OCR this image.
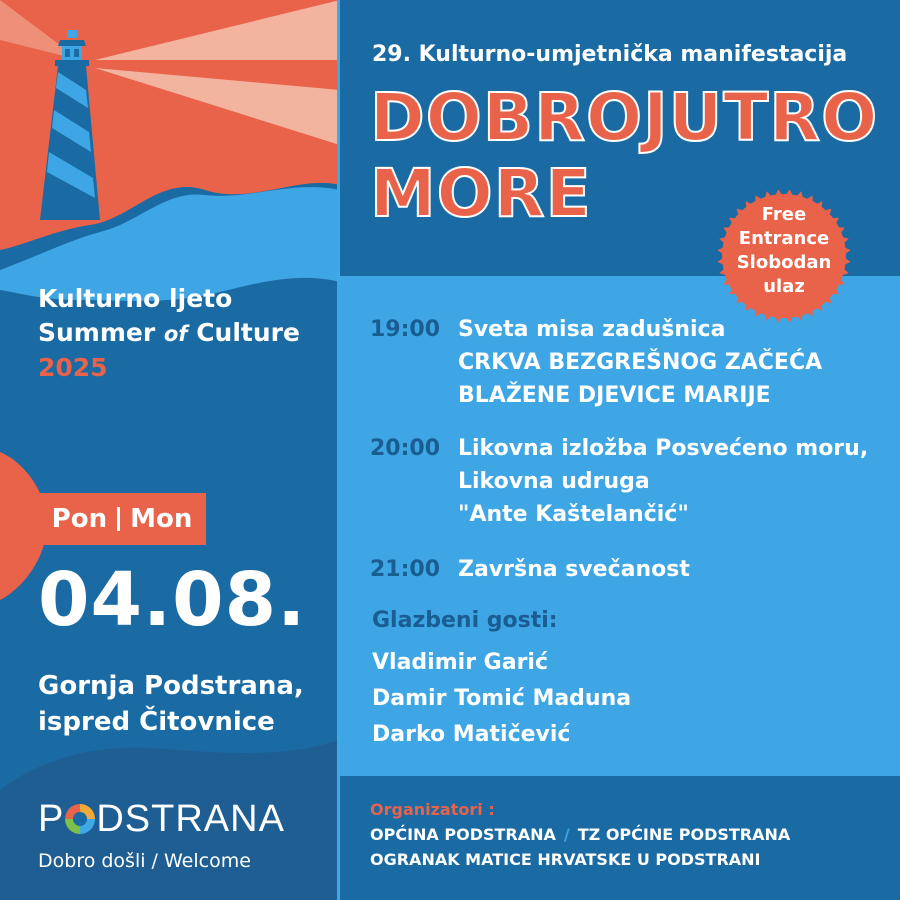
Kulturno ljeto
Summer of Culture
2025
Pon Mon
04.08.
Gornja Podstrana,
ispred Čitovnice
P DSTRANA
Dobro došli / Welcome
29. Kulturno-umjetnička manifestacija
DOBROJUTRO
MORE	Free
Entrance
Slobodan
ulaz
19:00 Sveta misa zadušnica
CRKVA BEZGREŠNOG ZAČEĆA
BLAŽENE DJEVICE MARIJE
20:00 Likovna izložba Posvećeno moru,
Likovna udruga
"Ante Kaštelančić"
21:00 Završna svečanost
Glazbeni gosti:
Vladimir Garić
Damir Tomić Maduna
Darko Matičević
Organizatori :
OPĆINA PODSTRANA / TZ OPĆINE PODSTRANA
OGRANAK MATICE HRVATSKE U PODSTRANI
